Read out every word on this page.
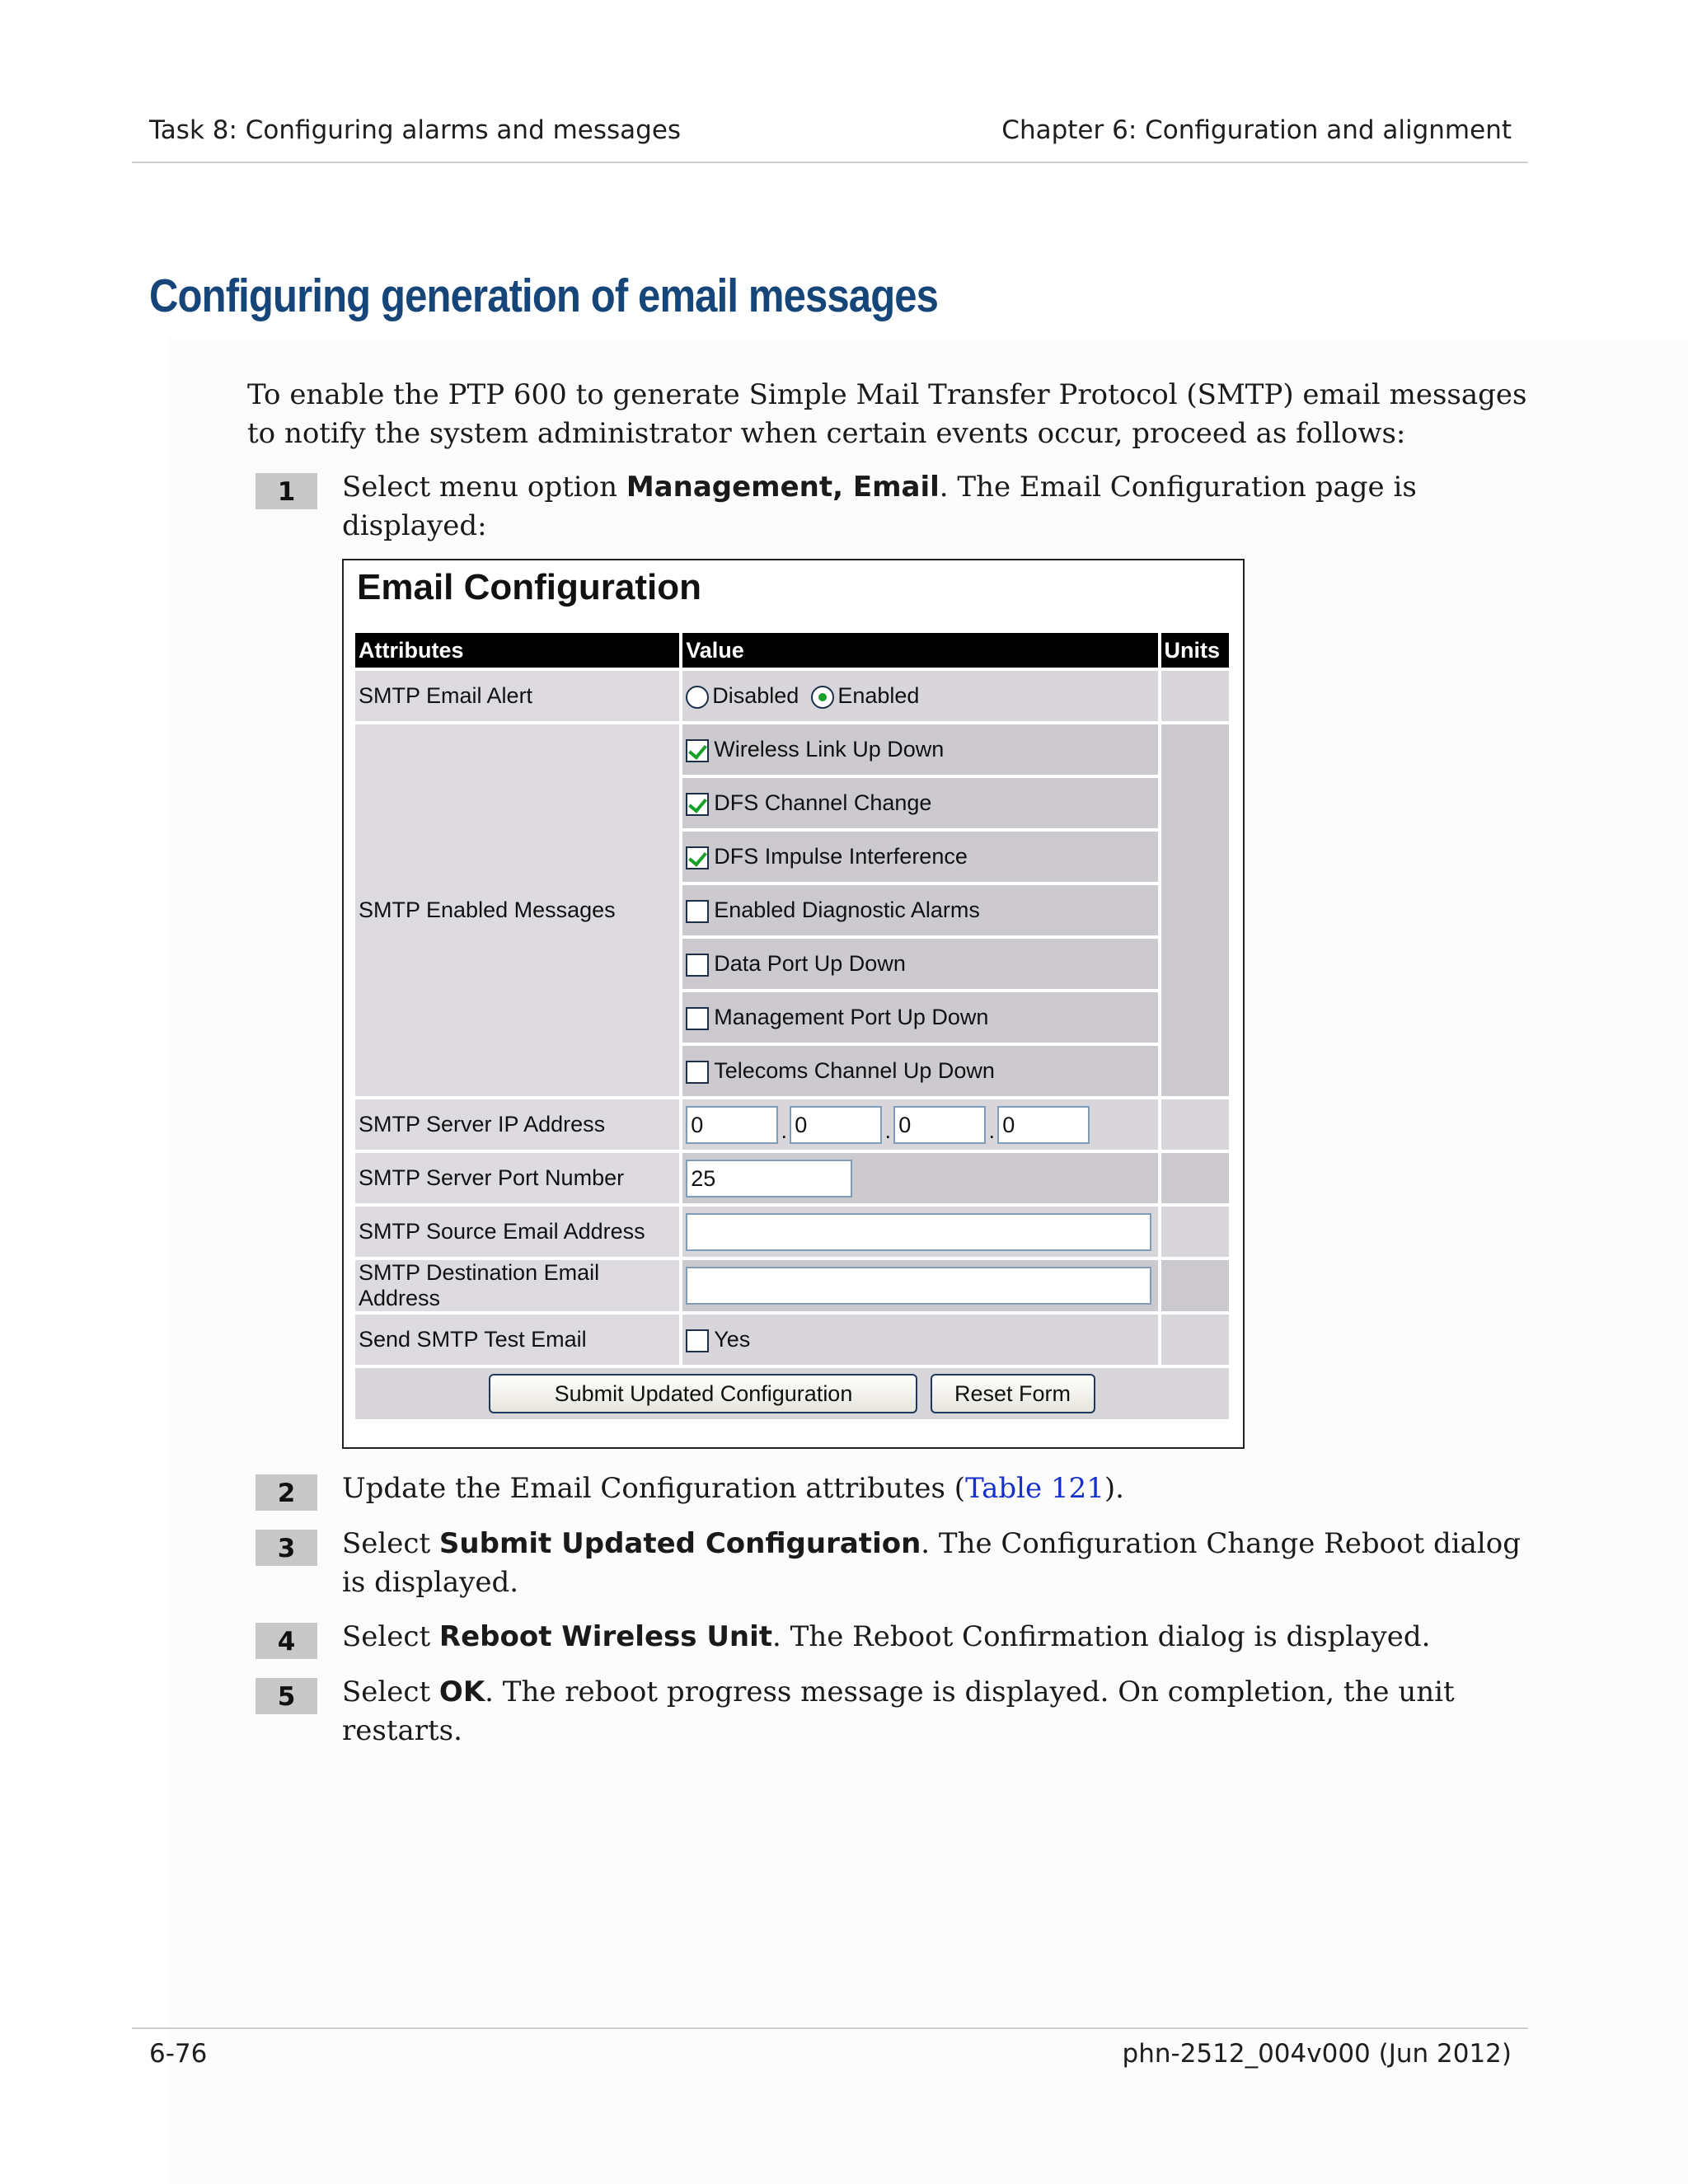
Task 8: Configuring alarms and messages	Chapter 6: Configuration and alignment
Configuring generation of email messages

To enable the PTP 600 to generate Simple Mail Transfer Protocol (SMTP) email messages to notify the system administrator when certain events occur, proceed as follows:

1	Select menu option Management, Email. The Email Configuration page is displayed:
Email Configuration
Attributes	Value	Units
SMTP Email Alert	Disabled Enabled	
SMTP Enabled Messages	Wireless Link Up Down	
	DFS Channel Change	
	DFS Impulse Interference	
	Enabled Diagnostic Alarms	
	Data Port Up Down	
	Management Port Up Down	
	Telecoms Channel Up Down	
SMTP Server IP Address	0 . 0 . 0 . 0	
SMTP Server Port Number	25	
SMTP Source Email Address		
SMTP Destination Email Address		
Send SMTP Test Email	Yes	
Submit Updated Configuration Reset Form		
2	Update the Email Configuration attributes (Table 121).
3	Select Submit Updated Configuration. The Configuration Change Reboot dialog is displayed.
4	Select Reboot Wireless Unit. The Reboot Confirmation dialog is displayed.
5	Select OK. The reboot progress message is displayed. On completion, the unit restarts.
6-76	phn-2512_004v000 (Jun 2012)
